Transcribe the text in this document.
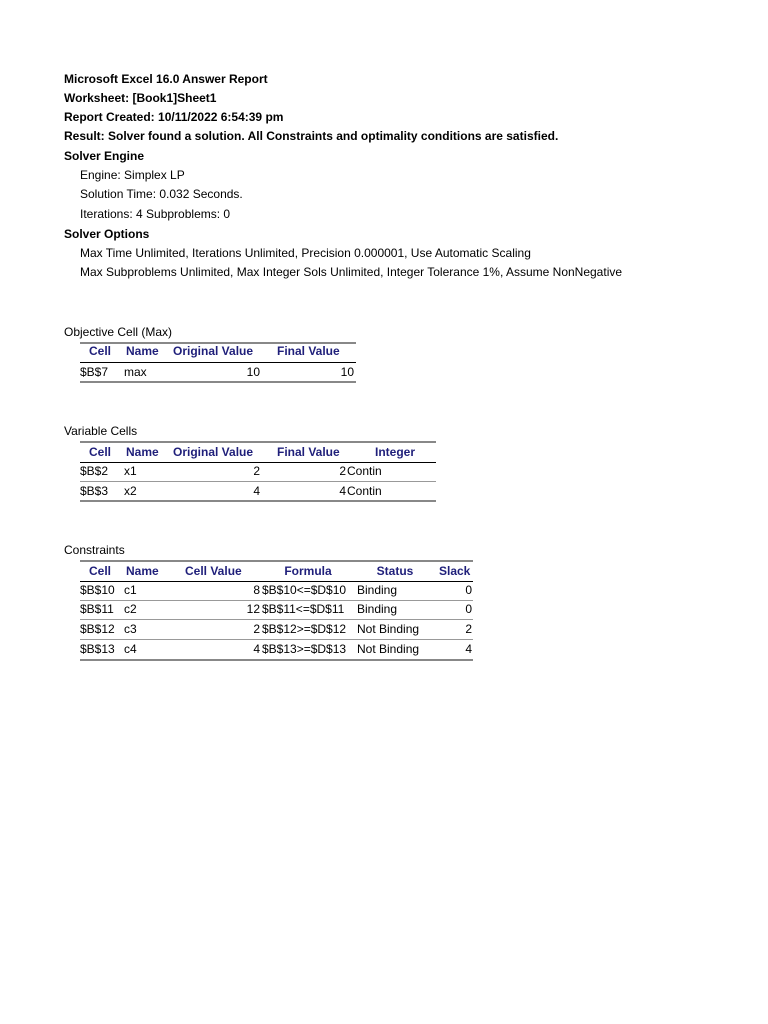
Microsoft Excel 16.0 Answer Report
Worksheet: [Book1]Sheet1
Report Created: 10/11/2022 6:54:39 pm
Result: Solver found a solution. All Constraints and optimality conditions are satisfied.
Solver Engine
Engine: Simplex LP
Solution Time: 0.032 Seconds.
Iterations: 4 Subproblems: 0
Solver Options
Max Time Unlimited, Iterations Unlimited, Precision 0.000001, Use Automatic Scaling
Max Subproblems Unlimited, Max Integer Sols Unlimited, Integer Tolerance 1%, Assume NonNegative
Objective Cell (Max)
Cell	Name Original Value Final Value
$B$7 max	10	10
Variable Cells
Cell	Name Original Value Final Value	Integer
$B$2 x1	2	2 Contin
$B$3 x2	4	4 Contin
Constraints
Cell	Name Cell Value	Formula	Status	Slack
$B$10 c1	8 $B$10<=$D$10 Binding	0
$B$11 c2	12 $B$11<=$D$11 Binding	0
$B$12 c3	2 $B$12>=$D$12 Not Binding	2
$B$13 c4	4 $B$13>=$D$13 Not Binding	4
